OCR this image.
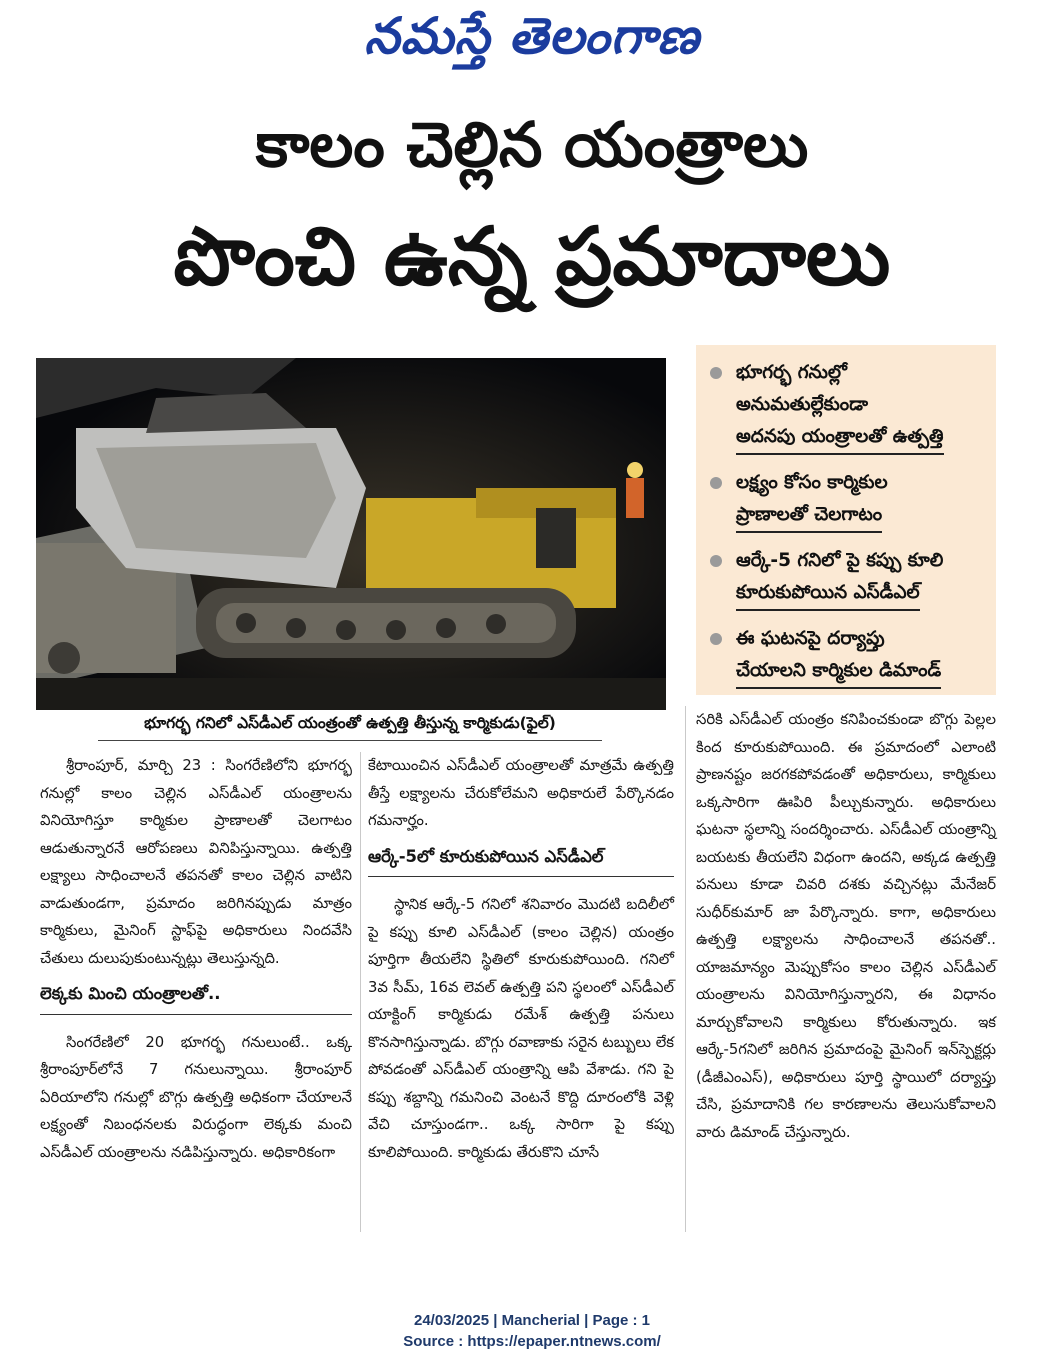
నమస్తే తెలంగాణ
కాలం చెల్లిన యంత్రాలు
పొంచి ఉన్న ప్రమాదాలు
భూగర్భ గనిలో ఎస్‌డీఎల్ యంత్రంతో ఉత్పత్తి తీస్తున్న కార్మికుడు(ఫైల్)
భూగర్భ గనుల్లో
అనుమతుల్లేకుండా
అదనపు యంత్రాలతో ఉత్పత్తి
లక్ష్యం కోసం కార్మికుల
ప్రాణాలతో చెలగాటం
ఆర్కే-5 గనిలో పై కప్పు కూలి
కూరుకుపోయిన ఎస్‌డీఎల్
ఈ ఘటనపై దర్యాప్తు
చేయాలని కార్మికుల డిమాండ్

శ్రీరాంపూర్, మార్చి 23 : సింగరేణిలోని భూగర్భ గనుల్లో కాలం చెల్లిన ఎస్‌డీఎల్ యంత్రాలను వినియోగిస్తూ కార్మికుల ప్రాణాలతో చెలగాటం ఆడుతున్నారనే ఆరోపణలు వినిపిస్తున్నాయి. ఉత్పత్తి లక్ష్యాలు సాధించాలనే తపనతో కాలం చెల్లిన వాటిని వాడుతుండగా, ప్రమాదం జరిగినప్పుడు మాత్రం కార్మికులు, మైనింగ్ స్టాఫ్‌పై అధికారులు నిందవేసి చేతులు దులుపుకుంటున్నట్లు తెలుస్తున్నది.

లెక్కకు మించి యంత్రాలతో..

సింగరేణిలో 20 భూగర్భ గనులుంటే.. ఒక్క శ్రీరాంపూర్‌లోనే 7 గనులున్నాయి. శ్రీరాంపూర్ ఏరియాలోని గనుల్లో బొగ్గు ఉత్పత్తి అధికంగా చేయాలనే లక్ష్యంతో నిబంధనలకు విరుద్ధంగా లెక్కకు మంచి ఎస్‌డీఎల్ యంత్రాలను నడిపిస్తున్నారు. అధికారికంగా

కేటాయించిన ఎస్‌డీఎల్ యంత్రాలతో మాత్రమే ఉత్పత్తి తీస్తే లక్ష్యాలను చేరుకోలేమని అధికారులే పేర్కొనడం గమనార్హం.

ఆర్కే-5లో కూరుకుపోయిన ఎస్‌డీఎల్

స్థానిక ఆర్కే-5 గనిలో శనివారం మొదటి బదిలీలో పై కప్పు కూలి ఎస్‌డీఎల్ (కాలం చెల్లిన) యంత్రం పూర్తిగా తీయలేని స్థితిలో కూరుకుపోయింది. గనిలో 3వ సీమ్, 16వ లెవల్ ఉత్పత్తి పని స్థలంలో ఎస్‌డీఎల్ యాక్టింగ్ కార్మికుడు రమేశ్ ఉత్పత్తి పనులు కొనసాగిస్తున్నాడు. బొగ్గు రవాణాకు సరైన టబ్బులు లేక పోవడంతో ఎస్‌డీఎల్ యంత్రాన్ని ఆపి వేశాడు. గని పై కప్పు శబ్దాన్ని గమనించి వెంటనే కొద్ది దూరంలోకి వెళ్లి వేచి చూస్తుండగా.. ఒక్క సారిగా పై కప్పు కూలిపోయింది. కార్మికుడు తేరుకొని చూసే

సరికి ఎస్‌డీఎల్ యంత్రం కనిపించకుండా బొగ్గు పెల్లల కింద కూరుకుపోయింది. ఈ ప్రమాదంలో ఎలాంటి ప్రాణనష్టం జరగకపోవడంతో అధికారులు, కార్మికులు ఒక్కసారిగా ఊపిరి పీల్చుకున్నారు. అధికారులు ఘటనా స్థలాన్ని సందర్శించారు. ఎస్‌డీఎల్ యంత్రాన్ని బయటకు తీయలేని విధంగా ఉందని, అక్కడ ఉత్పత్తి పనులు కూడా చివరి దశకు వచ్చినట్లు మేనేజర్ సుధీర్‌కుమార్ జా పేర్కొన్నారు. కాగా, అధికారులు ఉత్పత్తి లక్ష్యాలను సాధించాలనే తపనతో.. యాజమాన్యం మెప్పుకోసం కాలం చెల్లిన ఎస్‌డీఎల్ యంత్రాలను వినియోగిస్తున్నారని, ఈ విధానం మార్చుకోవాలని కార్మికులు కోరుతున్నారు. ఇక ఆర్కే-5గనిలో జరిగిన ప్రమాదంపై మైనింగ్ ఇన్‌స్పెక్టర్లు (డీజీఎంఎస్), అధికారులు పూర్తి స్థాయిలో దర్యాప్తు చేసి, ప్రమాదానికి గల కారణాలను తెలుసుకోవాలని వారు డిమాండ్ చేస్తున్నారు.

24/03/2025 | Mancherial | Page : 1
Source : https://epaper.ntnews.com/
